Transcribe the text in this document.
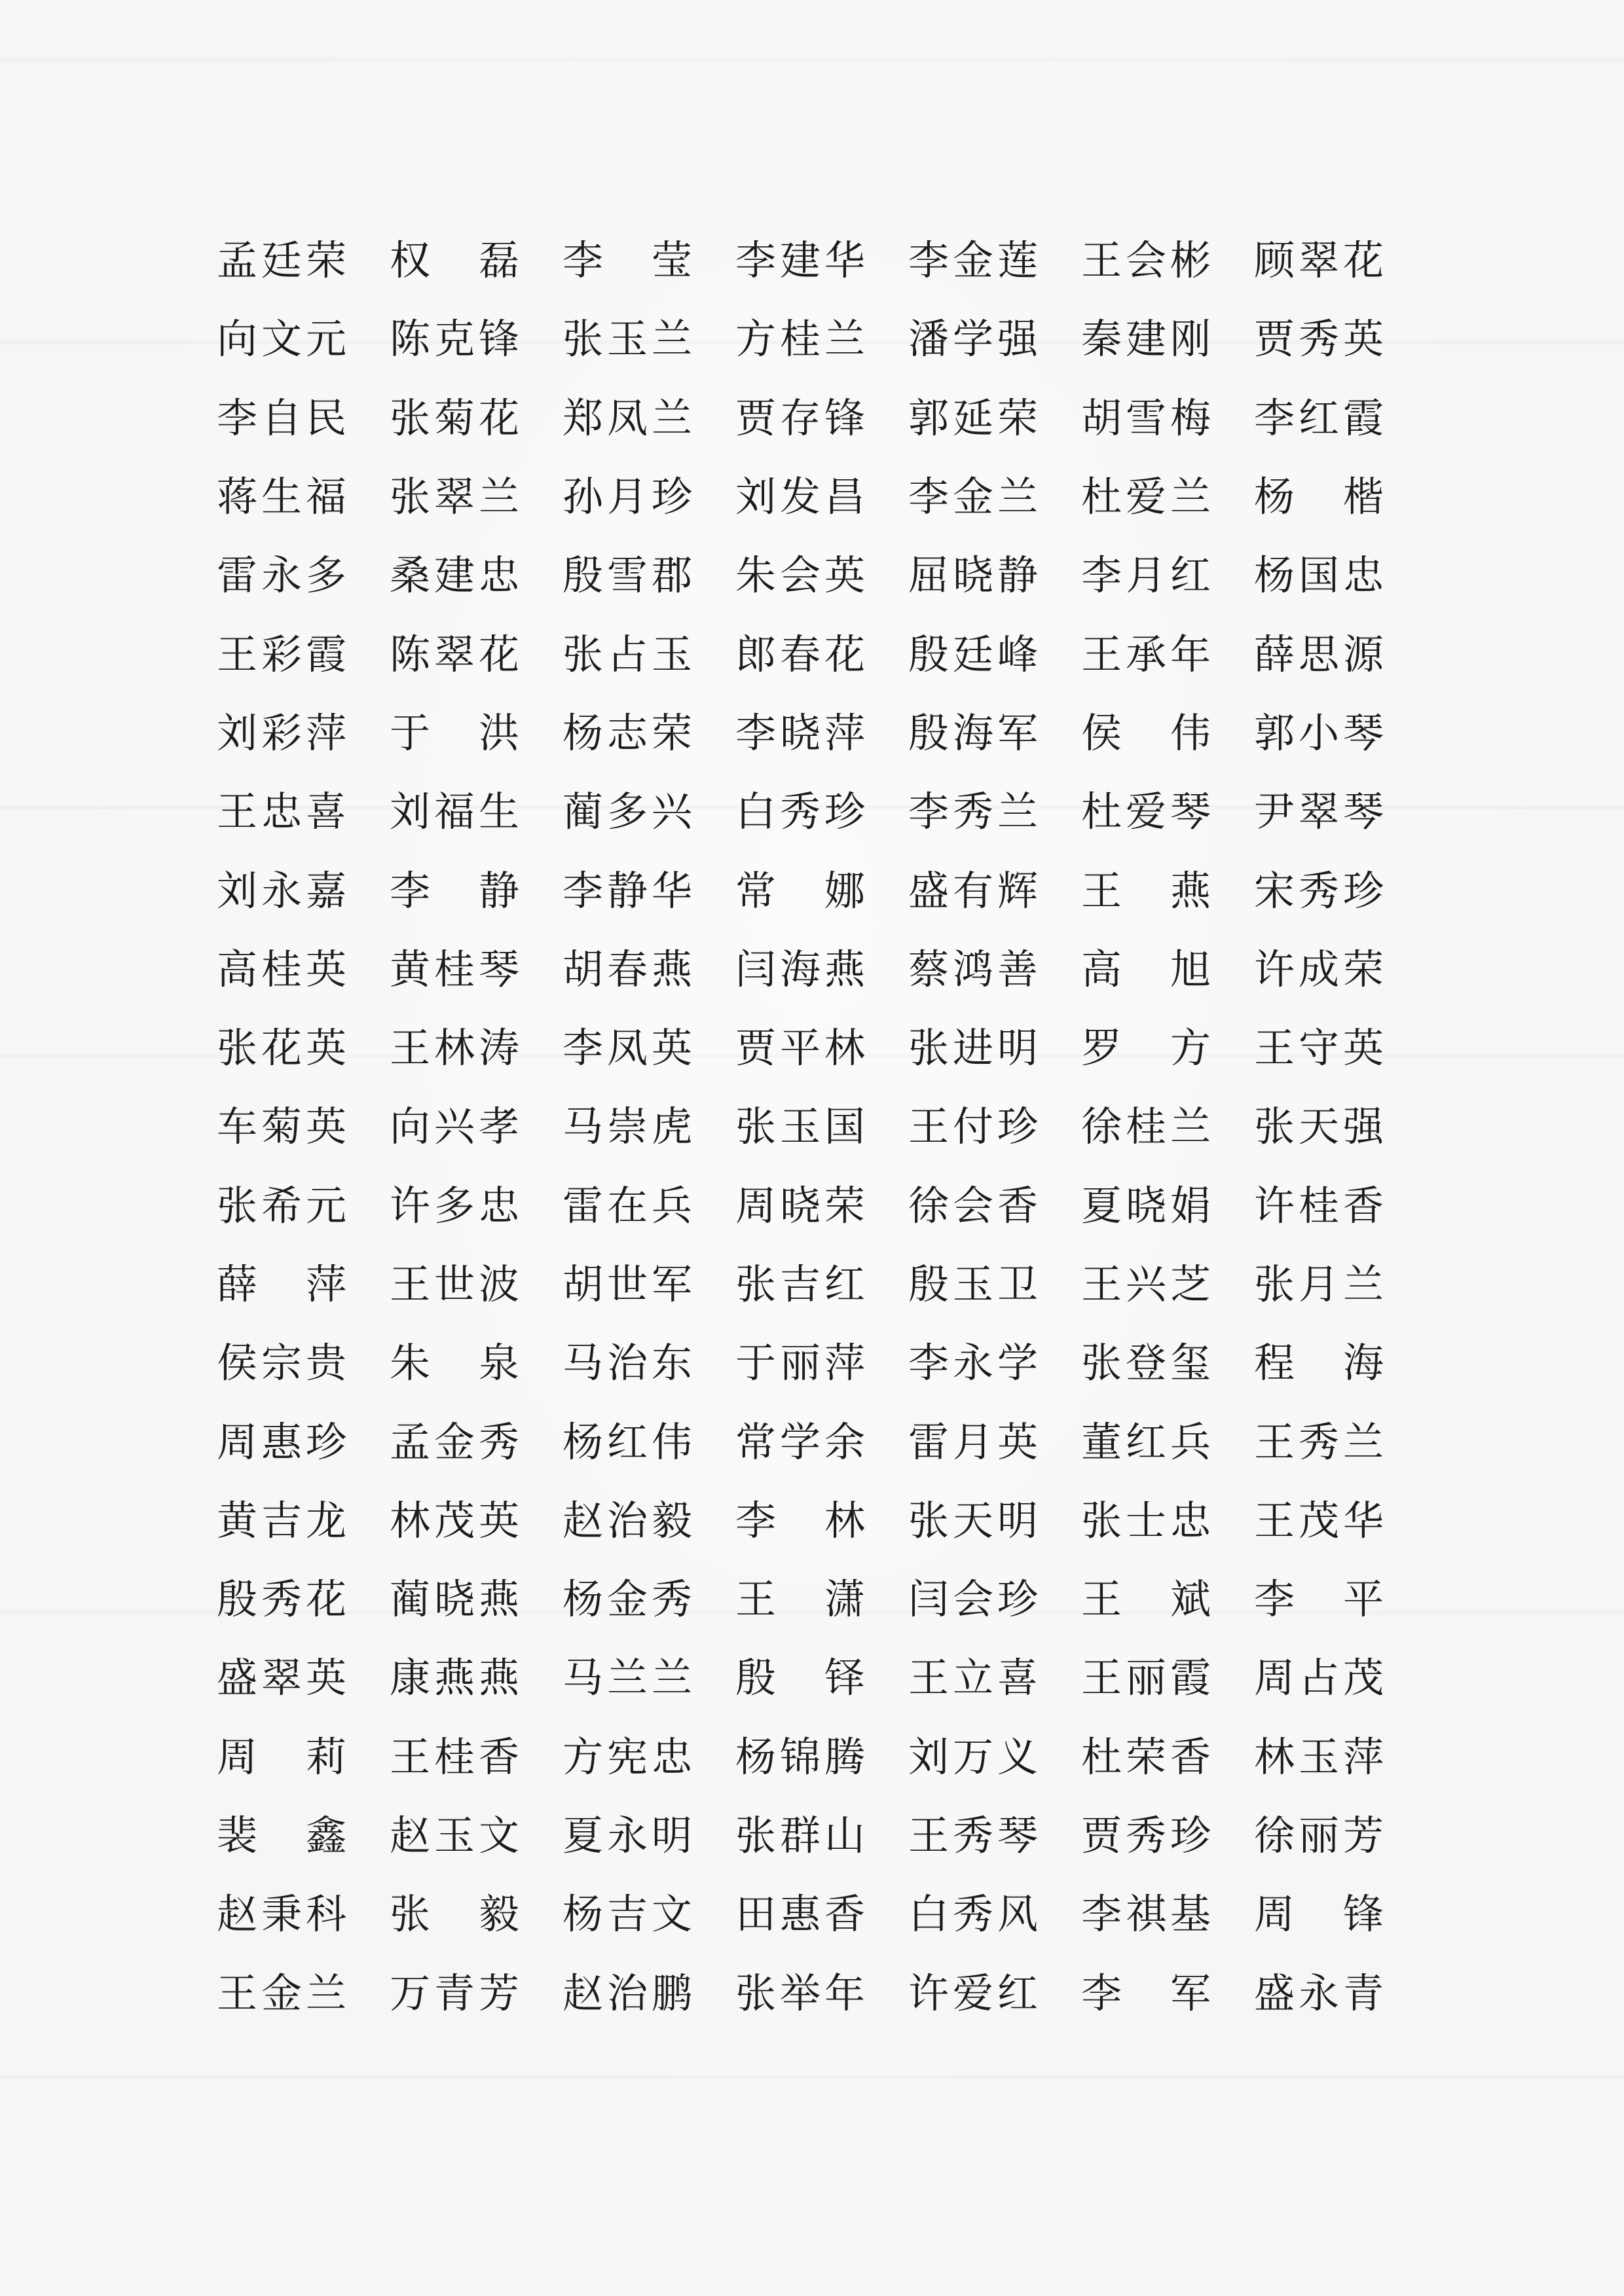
孟 廷 荣 权 磊 李 莹 李 建 华 李 金 莲 王 会 彬 顾 翠 花
向 文 元 陈 克 锋 张 玉 兰 方 桂 兰 潘 学 强 秦 建 刚 贾 秀 英
李 自 民 张 菊 花 郑 凤 兰 贾 存 锋 郭 延 荣 胡 雪 梅 李 红 霞
蒋 生 福 张 翠 兰 孙 月 珍 刘 发 昌 李 金 兰 杜 爱 兰 杨 楷
雷 永 多 桑 建 忠 殷 雪 郡 朱 会 英 屈 晓 静 李 月 红 杨 国 忠
王 彩 霞 陈 翠 花 张 占 玉 郎 春 花 殷 廷 峰 王 承 年 薛 思 源
刘 彩 萍 于 洪 杨 志 荣 李 晓 萍 殷 海 军 侯 伟 郭 小 琴
王 忠 喜 刘 福 生 蔺 多 兴 白 秀 珍 李 秀 兰 杜 爱 琴 尹 翠 琴
刘 永 嘉 李 静 李 静 华 常 娜 盛 有 辉 王 燕 宋 秀 珍
高 桂 英 黄 桂 琴 胡 春 燕 闫 海 燕 蔡 鸿 善 高 旭 许 成 荣
张 花 英 王 林 涛 李 凤 英 贾 平 林 张 进 明 罗 方 王 守 英
车 菊 英 向 兴 孝 马 崇 虎 张 玉 国 王 付 珍 徐 桂 兰 张 天 强
张 希 元 许 多 忠 雷 在 兵 周 晓 荣 徐 会 香 夏 晓 娟 许 桂 香
薛 萍 王 世 波 胡 世 军 张 吉 红 殷 玉 卫 王 兴 芝 张 月 兰
侯 宗 贵 朱 泉 马 治 东 于 丽 萍 李 永 学 张 登 玺 程 海
周 惠 珍 孟 金 秀 杨 红 伟 常 学 余 雷 月 英 董 红 兵 王 秀 兰
黄 吉 龙 林 茂 英 赵 治 毅 李 林 张 天 明 张 士 忠 王 茂 华
殷 秀 花 蔺 晓 燕 杨 金 秀 王 潇 闫 会 珍 王 斌 李 平
盛 翠 英 康 燕 燕 马 兰 兰 殷 铎 王 立 喜 王 丽 霞 周 占 茂
周 莉 王 桂 香 方 宪 忠 杨 锦 腾 刘 万 义 杜 荣 香 林 玉 萍
裴 鑫 赵 玉 文 夏 永 明 张 群 山 王 秀 琴 贾 秀 珍 徐 丽 芳
赵 秉 科 张 毅 杨 吉 文 田 惠 香 白 秀 风 李 祺 基 周 锋
王 金 兰 万 青 芳 赵 治 鹏 张 举 年 许 爱 红 李 军 盛 永 青
